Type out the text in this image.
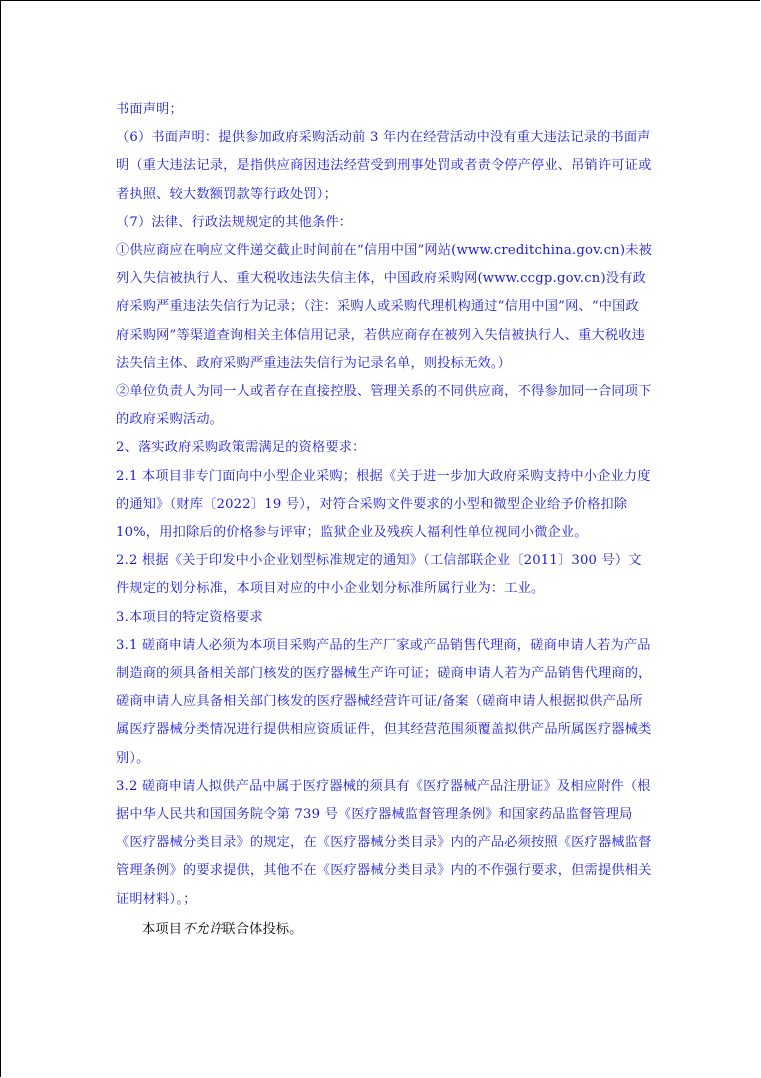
书面声明；

（6）书面声明：提供参加政府采购活动前 3 年内在经营活动中没有重大违法记录的书面声明（重大违法记录，是指供应商因违法经营受到刑事处罚或者责令停产停业、吊销许可证或者执照、较大数额罚款等行政处罚）；

（7）法律、行政法规规定的其他条件：

①供应商应在响应文件递交截止时间前在“信用中国”网站(www.creditchina.gov.cn)未被列入失信被执行人、重大税收违法失信主体，中国政府采购网(www.ccgp.gov.cn)没有政府采购严重违法失信行为记录；（注：采购人或采购代理机构通过“信用中国”网、“中国政府采购网”等渠道查询相关主体信用记录，若供应商存在被列入失信被执行人、重大税收违法失信主体、政府采购严重违法失信行为记录名单，则投标无效。）

②单位负责人为同一人或者存在直接控股、管理关系的不同供应商，不得参加同一合同项下的政府采购活动。

2、落实政府采购政策需满足的资格要求：

2.1 本项目非专门面向中小型企业采购；根据《关于进一步加大政府采购支持中小企业力度的通知》（财库〔2022〕19 号），对符合采购文件要求的小型和微型企业给予价格扣除 10%，用扣除后的价格参与评审；监狱企业及残疾人福利性单位视同小微企业。

2.2 根据《关于印发中小企业划型标准规定的通知》（工信部联企业〔2011〕300 号）文件规定的划分标准，本项目对应的中小企业划分标准所属行业为：工业。

3.本项目的特定资格要求

3.1 磋商申请人必须为本项目采购产品的生产厂家或产品销售代理商，磋商申请人若为产品制造商的须具备相关部门核发的医疗器械生产许可证；磋商申请人若为产品销售代理商的，磋商申请人应具备相关部门核发的医疗器械经营许可证/备案（磋商申请人根据拟供产品所属医疗器械分类情况进行提供相应资质证件，但其经营范围须覆盖拟供产品所属医疗器械类别）。

3.2 磋商申请人拟供产品中属于医疗器械的须具有《医疗器械产品注册证》及相应附件（根据中华人民共和国国务院令第 739 号《医疗器械监督管理条例》和国家药品监督管理局《医疗器械分类目录》的规定，在《医疗器械分类目录》内的产品必须按照《医疗器械监督管理条例》的要求提供，其他不在《医疗器械分类目录》内的不作强行要求，但需提供相关证明材料）。；

本项目不允许联合体投标。
